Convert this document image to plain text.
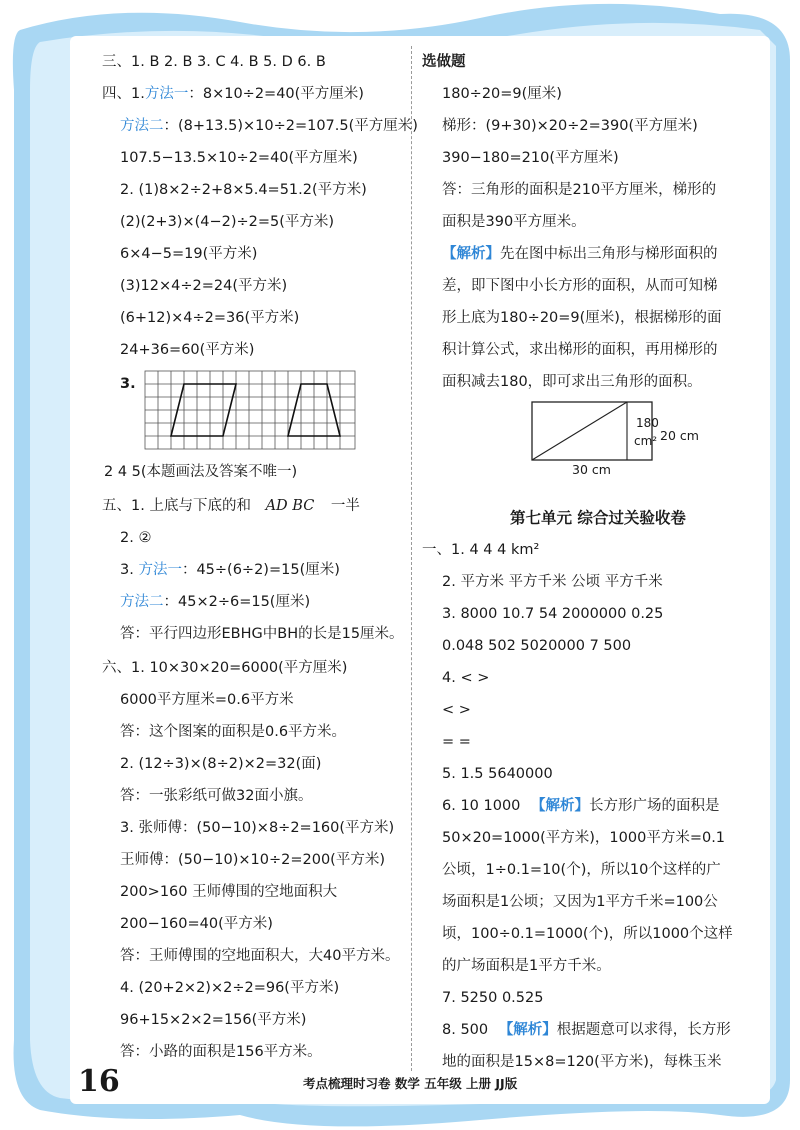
三、1. B 2. B 3. C 4. B 5. D 6. B
四、1.方法一：8×10÷2=40(平方厘米)
方法二：(8+13.5)×10÷2=107.5(平方厘米)
107.5−13.5×10÷2=40(平方厘米)
2. (1)8×2÷2+8×5.4=51.2(平方米)
(2)(2+3)×(4−2)÷2=5(平方米)
6×4−5=19(平方米)
(3)12×4÷2=24(平方米)
(6+12)×4÷2=36(平方米)
24+36=60(平方米)
3.
2 4 5(本题画法及答案不唯一)
五、1. 上底与下底的和 AD BC 一半
2. ②
3. 方法一：45÷(6÷2)=15(厘米)
方法二：45×2÷6=15(厘米)
答：平行四边形EBHG中BH的长是15厘米。
六、1. 10×30×20=6000(平方厘米)
6000平方厘米=0.6平方米
答：这个图案的面积是0.6平方米。
2. (12÷3)×(8÷2)×2=32(面)
答：一张彩纸可做32面小旗。
3. 张师傅：(50−10)×8÷2=160(平方米)
王师傅：(50−10)×10÷2=200(平方米)
200>160 王师傅围的空地面积大
200−160=40(平方米)
答：王师傅围的空地面积大，大40平方米。
4. (20+2×2)×2÷2=96(平方米)
96+15×2×2=156(平方米)
答：小路的面积是156平方米。
选做题
180÷20=9(厘米)
梯形：(9+30)×20÷2=390(平方厘米)
390−180=210(平方厘米)
答：三角形的面积是210平方厘米，梯形的
面积是390平方厘米。
【解析】先在图中标出三角形与梯形面积的
差，即下图中小长方形的面积，从而可知梯
形上底为180÷20=9(厘米)，根据梯形的面
积计算公式，求出梯形的面积，再用梯形的
面积减去180，即可求出三角形的面积。
180
cm² 20 cm
30 cm
第七单元 综合过关验收卷
一、1. 4 4 4 km²
2. 平方米 平方千米 公顷 平方千米
3. 8000 10.7 54 2000000 0.25
0.048 502 5020000 7 500
4. < >
< >
= =
5. 1.5 5640000
6. 10 1000 【解析】长方形广场的面积是
50×20=1000(平方米)，1000平方米=0.1
公顷，1÷0.1=10(个)，所以10个这样的广
场面积是1公顷；又因为1平方千米=100公
顷，100÷0.1=1000(个)，所以1000个这样
的广场面积是1平方千米。
7. 5250 0.525
8. 500 【解析】根据题意可以求得，长方形
地的面积是15×8=120(平方米)，每株玉米
16	考点梳理时习卷 数学 五年级 上册 JJ版
